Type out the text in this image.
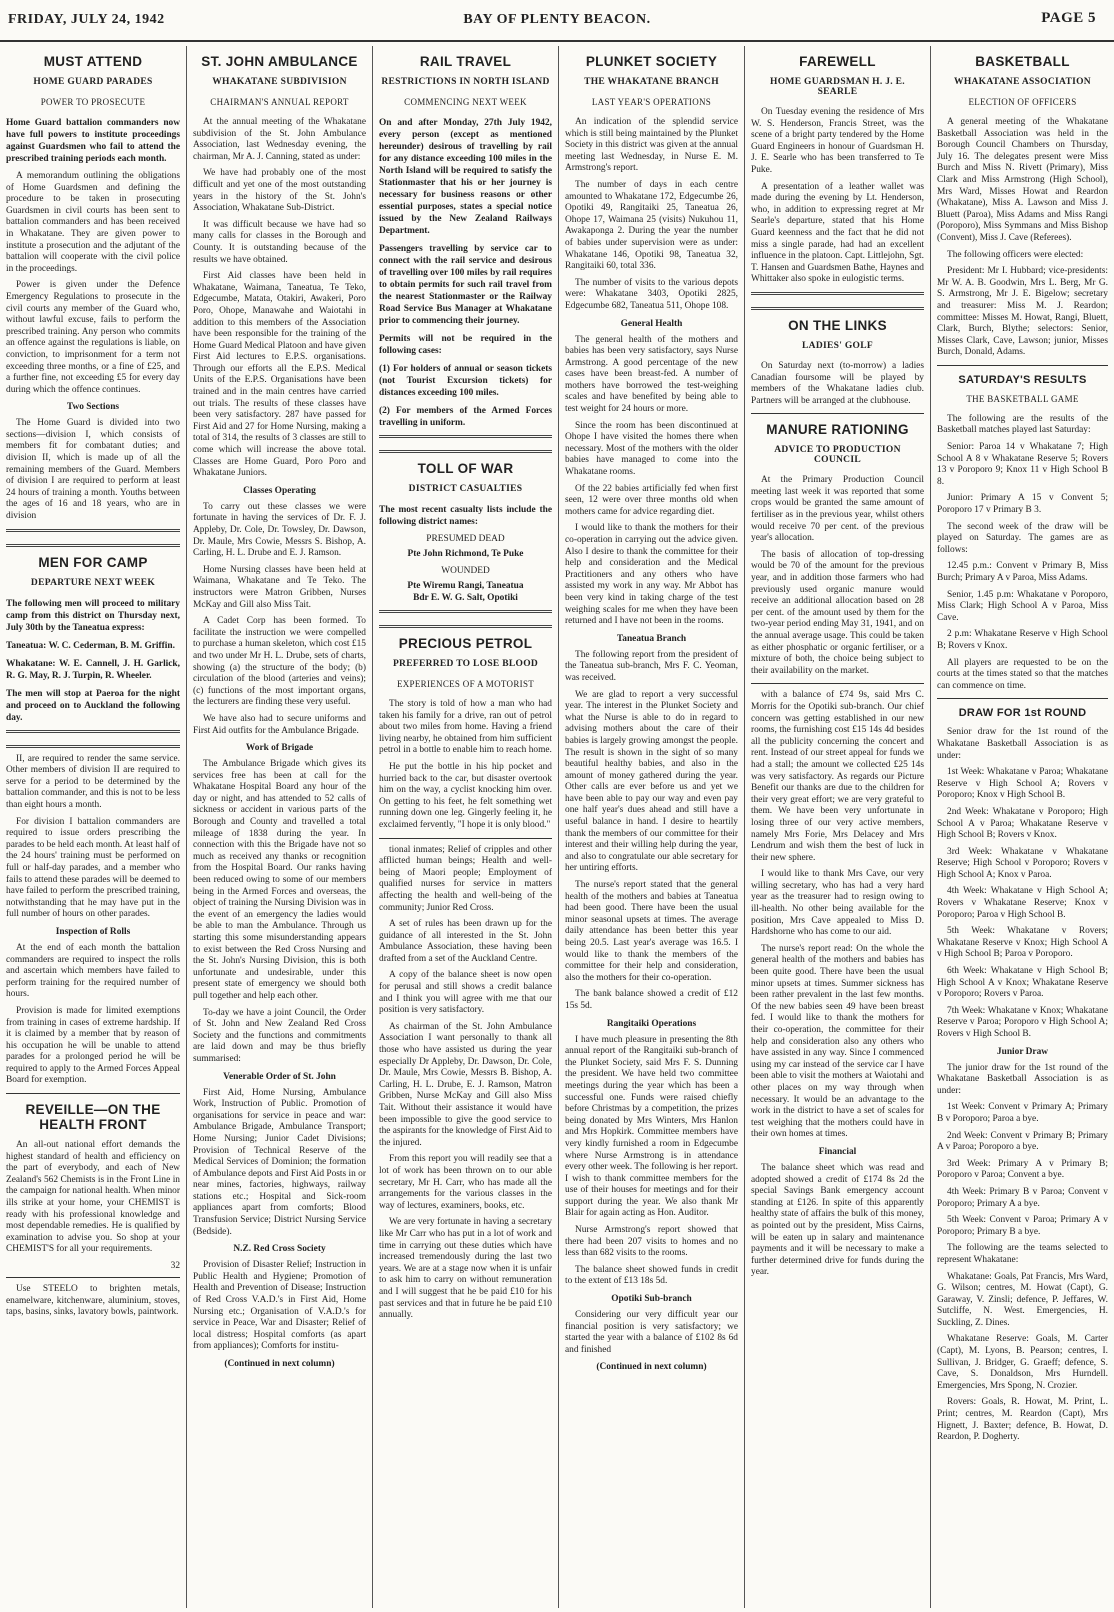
FRIDAY, JULY 24, 1942	BAY OF PLENTY BEACON.	PAGE 5
MUST ATTEND
HOME GUARD PARADES
POWER TO PROSECUTE

Home Guard battalion commanders now have full powers to institute proceedings against Guardsmen who fail to attend the prescribed training periods each month.

A memorandum outlining the obligations of Home Guardsmen and defining the procedure to be taken in prosecuting Guardsmen in civil courts has been sent to battalion commanders and has been received in Whakatane. They are given power to institute a prosecution and the adjutant of the battalion will cooperate with the civil police in the proceedings.

Power is given under the Defence Emergency Regulations to prosecute in the civil courts any member of the Guard who, without lawful excuse, fails to perform the prescribed training. Any person who commits an offence against the regulations is liable, on conviction, to imprisonment for a term not exceeding three months, or a fine of £25, and a further fine, not exceeding £5 for every day during which the offence continues.

Two Sections

The Home Guard is divided into two sections—division I, which consists of members fit for combatant duties; and division II, which is made up of all the remaining members of the Guard. Members of division I are required to perform at least 24 hours of training a month. Youths between the ages of 16 and 18 years, who are in division

MEN FOR CAMP
DEPARTURE NEXT WEEK

The following men will proceed to military camp from this district on Thursday next, July 30th by the Taneatua express:

Taneatua: W. C. Cederman, B. M. Griffin.

Whakatane: W. E. Cannell, J. H. Garlick, R. G. May, R. J. Turpin, R. Wheeler.

The men will stop at Paeroa for the night and proceed on to Auckland the following day.

II, are required to render the same service. Other members of division II are required to serve for a period to be determined by the battalion commander, and this is not to be less than eight hours a month.

For division I battalion commanders are required to issue orders prescribing the parades to be held each month. At least half of the 24 hours' training must be performed on full or half-day parades, and a member who fails to attend these parades will be deemed to have failed to perform the prescribed training, notwithstanding that he may have put in the full number of hours on other parades.

Inspection of Rolls

At the end of each month the battalion commanders are required to inspect the rolls and ascertain which members have failed to perform training for the required number of hours.

Provision is made for limited exemptions from training in cases of extreme hardship. If it is claimed by a member that by reason of his occupation he will be unable to attend parades for a prolonged period he will be required to apply to the Armed Forces Appeal Board for exemption.

REVEILLE—ON THE HEALTH FRONT

An all-out national effort demands the highest standard of health and efficiency on the part of everybody, and each of New Zealand's 562 Chemists is in the Front Line in the campaign for national health. When minor ills strike at your home, your CHEMIST is ready with his professional knowledge and most dependable remedies. He is qualified by examination to advise you. So shop at your CHEMIST'S for all your requirements.

32

Use STEELO to brighten metals, enamelware, kitchenware, aluminium, stoves, taps, basins, sinks, lavatory bowls, paintwork.

ST. JOHN AMBULANCE
WHAKATANE SUBDIVISION
CHAIRMAN'S ANNUAL REPORT

At the annual meeting of the Whakatane subdivision of the St. John Ambulance Association, last Wednesday evening, the chairman, Mr A. J. Canning, stated as under:

We have had probably one of the most difficult and yet one of the most outstanding years in the history of the St. John's Association, Whakatane Sub-District.

It was difficult because we have had so many calls for classes in the Borough and County. It is outstanding because of the results we have obtained.

First Aid classes have been held in Whakatane, Waimana, Taneatua, Te Teko, Edgecumbe, Matata, Otakiri, Awakeri, Poro Poro, Ohope, Manawahe and Waiotahi in addition to this members of the Association have been responsible for the training of the Home Guard Medical Platoon and have given First Aid lectures to E.P.S. organisations. Through our efforts all the E.P.S. Medical Units of the E.P.S. Organisations have been trained and in the main centres have carried out trials. The results of these classes have been very satisfactory. 287 have passed for First Aid and 27 for Home Nursing, making a total of 314, the results of 3 classes are still to come which will increase the above total. Classes are Home Guard, Poro Poro and Whakatane Juniors.

Classes Operating

To carry out these classes we were fortunate in having the services of Dr. F. J. Appleby, Dr. Cole, Dr. Towsley, Dr. Dawson, Dr. Maule, Mrs Cowie, Messrs S. Bishop, A. Carling, H. L. Drube and E. J. Ramson.

Home Nursing classes have been held at Waimana, Whakatane and Te Teko. The instructors were Matron Gribben, Nurses McKay and Gill also Miss Tait.

A Cadet Corp has been formed. To facilitate the instruction we were compelled to purchase a human skeleton, which cost £15 and two under Mr H. L. Drube, sets of charts, showing (a) the structure of the body; (b) circulation of the blood (arteries and veins); (c) functions of the most important organs, the lecturers are finding these very useful.

We have also had to secure uniforms and First Aid outfits for the Ambulance Brigade.

Work of Brigade

The Ambulance Brigade which gives its services free has been at call for the Whakatane Hospital Board any hour of the day or night, and has attended to 52 calls of sickness or accident in various parts of the Borough and County and travelled a total mileage of 1838 during the year. In connection with this the Brigade have not so much as received any thanks or recognition from the Hospital Board. Our ranks having been reduced owing to some of our members being in the Armed Forces and overseas, the object of training the Nursing Division was in the event of an emergency the ladies would be able to man the Ambulance. Through us starting this some misunderstanding appears to exist between the Red Cross Nursing and the St. John's Nursing Division, this is both unfortunate and undesirable, under this present state of emergency we should both pull together and help each other.

To-day we have a joint Council, the Order of St. John and New Zealand Red Cross Society and the functions and commitments are laid down and may be thus briefly summarised:

Venerable Order of St. John

First Aid, Home Nursing, Ambulance Work, Instruction of Public. Promotion of organisations for service in peace and war: Ambulance Brigade, Ambulance Transport; Home Nursing; Junior Cadet Divisions; Provision of Technical Reserve of the Medical Services of Dominion; the formation of Ambulance depots and First Aid Posts in or near mines, factories, highways, railway stations etc.; Hospital and Sick-room appliances apart from comforts; Blood Transfusion Service; District Nursing Service (Bedside).

N.Z. Red Cross Society

Provision of Disaster Relief; Instruction in Public Health and Hygiene; Promotion of Health and Prevention of Disease; Instruction of Red Cross V.A.D.'s in First Aid, Home Nursing etc.; Organisation of V.A.D.'s for service in Peace, War and Disaster; Relief of local distress; Hospital comforts (as apart from appliances); Comforts for institu-

(Continued in next column)
RAIL TRAVEL
RESTRICTIONS IN NORTH ISLAND
COMMENCING NEXT WEEK

On and after Monday, 27th July 1942, every person (except as mentioned hereunder) desirous of travelling by rail for any distance exceeding 100 miles in the North Island will be required to satisfy the Stationmaster that his or her journey is necessary for business reasons or other essential purposes, states a special notice issued by the New Zealand Railways Department.

Passengers travelling by service car to connect with the rail service and desirous of travelling over 100 miles by rail requires to obtain permits for such rail travel from the nearest Stationmaster or the Railway Road Service Bus Manager at Whakatane prior to commencing their journey.

Permits will not be required in the following cases:

(1) For holders of annual or season tickets (not Tourist Excursion tickets) for distances exceeding 100 miles.

(2) For members of the Armed Forces travelling in uniform.

TOLL OF WAR
DISTRICT CASUALTIES

The most recent casualty lists include the following district names:

PRESUMED DEAD
Pte John Richmond, Te Puke
WOUNDED
Pte Wiremu Rangi, Taneatua
Bdr E. W. G. Salt, Opotiki
PRECIOUS PETROL
PREFERRED TO LOSE BLOOD
EXPERIENCES OF A MOTORIST

The story is told of how a man who had taken his family for a drive, ran out of petrol about two miles from home. Having a friend living nearby, he obtained from him sufficient petrol in a bottle to enable him to reach home.

He put the bottle in his hip pocket and hurried back to the car, but disaster overtook him on the way, a cyclist knocking him over. On getting to his feet, he felt something wet running down one leg. Gingerly feeling it, he exclaimed fervently, "I hope it is only blood."

tional inmates; Relief of cripples and other afflicted human beings; Health and well-being of Maori people; Employment of qualified nurses for service in matters affecting the health and well-being of the community; Junior Red Cross.

A set of rules has been drawn up for the guidance of all interested in the St. John Ambulance Association, these having been drafted from a set of the Auckland Centre.

A copy of the balance sheet is now open for perusal and still shows a credit balance and I think you will agree with me that our position is very satisfactory.

As chairman of the St. John Ambulance Association I want personally to thank all those who have assisted us during the year especially Dr Appleby, Dr. Dawson, Dr. Cole, Dr. Maule, Mrs Cowie, Messrs B. Bishop, A. Carling, H. L. Drube, E. J. Ramson, Matron Gribben, Nurse McKay and Gill also Miss Tait. Without their assistance it would have been impossible to give the good service to the aspirants for the knowledge of First Aid to the injured.

From this report you will readily see that a lot of work has been thrown on to our able secretary, Mr H. Carr, who has made all the arrangements for the various classes in the way of lectures, examiners, books, etc.

We are very fortunate in having a secretary like Mr Carr who has put in a lot of work and time in carrying out these duties which have increased tremendously during the last two years. We are at a stage now when it is unfair to ask him to carry on without remuneration and I will suggest that he be paid £10 for his past services and that in future he be paid £10 annually.

PLUNKET SOCIETY
THE WHAKATANE BRANCH
LAST YEAR'S OPERATIONS

An indication of the splendid service which is still being maintained by the Plunket Society in this district was given at the annual meeting last Wednesday, in Nurse E. M. Armstrong's report.

The number of days in each centre amounted to Whakatane 172, Edgecumbe 26, Opotiki 49, Rangitaiki 25, Taneatua 26, Ohope 17, Waimana 25 (visits) Nukuhou 11, Awakaponga 2. During the year the number of babies under supervision were as under: Whakatane 146, Opotiki 98, Taneatua 32, Rangitaiki 60, total 336.

The number of visits to the various depots were: Whakatane 3403, Opotiki 2825, Edgecumbe 682, Taneatua 511, Ohope 108.

General Health

The general health of the mothers and babies has been very satisfactory, says Nurse Armstrong. A good percentage of the new cases have been breast-fed. A number of mothers have borrowed the test-weighing scales and have benefited by being able to test weight for 24 hours or more.

Since the room has been discontinued at Ohope I have visited the homes there when necessary. Most of the mothers with the older babies have managed to come into the Whakatane rooms.

Of the 22 babies artificially fed when first seen, 12 were over three months old when mothers came for advice regarding diet.

I would like to thank the mothers for their co-operation in carrying out the advice given. Also I desire to thank the committee for their help and consideration and the Medical Practitioners and any others who have assisted my work in any way. Mr Abbot has been very kind in taking charge of the test weighing scales for me when they have been returned and I have not been in the rooms.

Taneatua Branch

The following report from the president of the Taneatua sub-branch, Mrs F. C. Yeoman, was received.

We are glad to report a very successful year. The interest in the Plunket Society and what the Nurse is able to do in regard to advising mothers about the care of their babies is largely growing amongst the people. The result is shown in the sight of so many beautiful healthy babies, and also in the amount of money gathered during the year. Other calls are ever before us and yet we have been able to pay our way and even pay one half year's dues ahead and still have a useful balance in hand. I desire to heartily thank the members of our committee for their interest and their willing help during the year, and also to congratulate our able secretary for her untiring efforts.

The nurse's report stated that the general health of the mothers and babies at Taneatua had been good. There have been the usual minor seasonal upsets at times. The average daily attendance has been better this year being 20.5. Last year's average was 16.5. I would like to thank the members of the committee for their help and consideration, also the mothers for their co-operation.

The bank balance showed a credit of £12 15s 5d.

Rangitaiki Operations

I have much pleasure in presenting the 8th annual report of the Rangitaiki sub-branch of the Plunket Society, said Mrs F. S. Dunning the president. We have held two committee meetings during the year which has been a successful one. Funds were raised chiefly before Christmas by a competition, the prizes being donated by Mrs Winters, Mrs Hanlon and Mrs Hopkirk. Committee members have very kindly furnished a room in Edgecumbe where Nurse Armstrong is in attendance every other week. The following is her report. I wish to thank committee members for the use of their houses for meetings and for their support during the year. We also thank Mr Blair for again acting as Hon. Auditor.

Nurse Armstrong's report showed that there had been 207 visits to homes and no less than 682 visits to the rooms.

The balance sheet showed funds in credit to the extent of £13 18s 5d.

Opotiki Sub-branch

Considering our very difficult year our financial position is very satisfactory; we started the year with a balance of £102 8s 6d and finished

(Continued in next column)
FAREWELL
HOME GUARDSMAN H. J. E. SEARLE

On Tuesday evening the residence of Mrs W. S. Henderson, Francis Street, was the scene of a bright party tendered by the Home Guard Engineers in honour of Guardsman H. J. E. Searle who has been transferred to Te Puke.

A presentation of a leather wallet was made during the evening by Lt. Henderson, who, in addition to expressing regret at Mr Searle's departure, stated that his Home Guard keenness and the fact that he did not miss a single parade, had had an excellent influence in the platoon. Capt. Littlejohn, Sgt. T. Hansen and Guardsmen Bathe, Haynes and Whittaker also spoke in eulogistic terms.

ON THE LINKS
LADIES' GOLF

On Saturday next (to-morrow) a ladies Canadian foursome will be played by members of the Whakatane ladies club. Partners will be arranged at the clubhouse.

MANURE RATIONING
ADVICE TO PRODUCTION COUNCIL

At the Primary Production Council meeting last week it was reported that some crops would be granted the same amount of fertiliser as in the previous year, whilst others would receive 70 per cent. of the previous year's allocation.

The basis of allocation of top-dressing would be 70 of the amount for the previous year, and in addition those farmers who had previously used organic manure would receive an additional allocation based on 28 per cent. of the amount used by them for the two-year period ending May 31, 1941, and on the annual average usage. This could be taken as either phosphatic or organic fertiliser, or a mixture of both, the choice being subject to their availability on the market.

with a balance of £74 9s, said Mrs C. Morris for the Opotiki sub-branch. Our chief concern was getting established in our new rooms, the furnishing cost £15 14s 4d besides all the publicity concerning the concert and rent. Instead of our street appeal for funds we had a stall; the amount we collected £25 14s was very satisfactory. As regards our Picture Benefit our thanks are due to the children for their very great effort; we are very grateful to them. We have been very unfortunate in losing three of our very active members, namely Mrs Forie, Mrs Delacey and Mrs Lendrum and wish them the best of luck in their new sphere.

I would like to thank Mrs Cave, our very willing secretary, who has had a very hard year as the treasurer had to resign owing to ill-health. No other being available for the position, Mrs Cave appealed to Miss D. Hardshorne who has come to our aid.

The nurse's report read: On the whole the general health of the mothers and babies has been quite good. There have been the usual minor upsets at times. Summer sickness has been rather prevalent in the last few months. Of the new babies seen 49 have been breast fed. I would like to thank the mothers for their co-operation, the committee for their help and consideration also any others who have assisted in any way. Since I commenced using my car instead of the service car I have been able to visit the mothers at Waiotahi and other places on my way through when necessary. It would be an advantage to the work in the district to have a set of scales for test weighing that the mothers could have in their own homes at times.

Financial

The balance sheet which was read and adopted showed a credit of £174 8s 2d the special Savings Bank emergency account standing at £126. In spite of this apparently healthy state of affairs the bulk of this money, as pointed out by the president, Miss Cairns, will be eaten up in salary and maintenance payments and it will be necessary to make a further determined drive for funds during the year.

BASKETBALL
WHAKATANE ASSOCIATION
ELECTION OF OFFICERS

A general meeting of the Whakatane Basketball Association was held in the Borough Council Chambers on Thursday, July 16. The delegates present were Miss Burch and Miss N. Rivett (Primary), Miss Clark and Miss Armstrong (High School), Mrs Ward, Misses Howat and Reardon (Whakatane), Miss A. Lawson and Miss J. Bluett (Paroa), Miss Adams and Miss Rangi (Poroporo), Miss Symmans and Miss Bishop (Convent), Miss J. Cave (Referees).

The following officers were elected:

President: Mr I. Hubbard; vice-presidents: Mr W. A. B. Goodwin, Mrs L. Berg, Mr G. S. Armstrong, Mr J. E. Bigelow; secretary and treasurer: Miss M. J. Reardon; committee: Misses M. Howat, Rangi, Bluett, Clark, Burch, Blythe; selectors: Senior, Misses Clark, Cave, Lawson; junior, Misses Burch, Donald, Adams.

SATURDAY'S RESULTS
THE BASKETBALL GAME

The following are the results of the Basketball matches played last Saturday:

Senior: Paroa 14 v Whakatane 7; High School A 8 v Whakatane Reserve 5; Rovers 13 v Poroporo 9; Knox 11 v High School B 8.

Junior: Primary A 15 v Convent 5; Poroporo 17 v Primary B 3.

The second week of the draw will be played on Saturday. The games are as follows:

12.45 p.m.: Convent v Primary B, Miss Burch; Primary A v Paroa, Miss Adams.

Senior, 1.45 p.m: Whakatane v Poroporo, Miss Clark; High School A v Paroa, Miss Cave.

2 p.m: Whakatane Reserve v High School B; Rovers v Knox.

All players are requested to be on the courts at the times stated so that the matches can commence on time.

DRAW FOR 1st ROUND

Senior draw for the 1st round of the Whakatane Basketball Association is as under:

1st Week: Whakatane v Paroa; Whakatane Reserve v High School A; Rovers v Poroporo; Knox v High School B.

2nd Week: Whakatane v Poroporo; High School A v Paroa; Whakatane Reserve v High School B; Rovers v Knox.

3rd Week: Whakatane v Whakatane Reserve; High School v Poroporo; Rovers v High School A; Knox v Paroa.

4th Week: Whakatane v High School A; Rovers v Whakatane Reserve; Knox v Poroporo; Paroa v High School B.

5th Week: Whakatane v Rovers; Whakatane Reserve v Knox; High School A v High School B; Paroa v Poroporo.

6th Week: Whakatane v High School B; High School A v Knox; Whakatane Reserve v Poroporo; Rovers v Paroa.

7th Week: Whakatane v Knox; Whakatane Reserve v Paroa; Poroporo v High School A; Rovers v High School B.

Junior Draw

The junior draw for the 1st round of the Whakatane Basketball Association is as under:

1st Week: Convent v Primary A; Primary B v Poroporo; Paroa a bye.

2nd Week: Convent v Primary B; Primary A v Paroa; Poroporo a bye.

3rd Week: Primary A v Primary B; Poroporo v Paroa; Convent a bye.

4th Week: Primary B v Paroa; Convent v Poroporo; Primary A a bye.

5th Week: Convent v Paroa; Primary A v Poroporo; Primary B a bye.

The following are the teams selected to represent Whakatane:

Whakatane: Goals, Pat Francis, Mrs Ward, G. Wilson; centres, M. Howat (Capt), G. Garaway, V. Zinsli; defence, P. Jeffares, W. Sutcliffe, N. West. Emergencies, H. Suckling, Z. Dines.

Whakatane Reserve: Goals, M. Carter (Capt), M. Lyons, B. Pearson; centres, I. Sullivan, J. Bridger, G. Graeff; defence, S. Cave, S. Donaldson, Mrs Hurndell. Emergencies, Mrs Spong, N. Crozier.

Rovers: Goals, R. Howat, M. Print, L. Print; centres, M. Reardon (Capt), Mrs Hignett, J. Baxter; defence, B. Howat, D. Reardon, P. Dogherty.
